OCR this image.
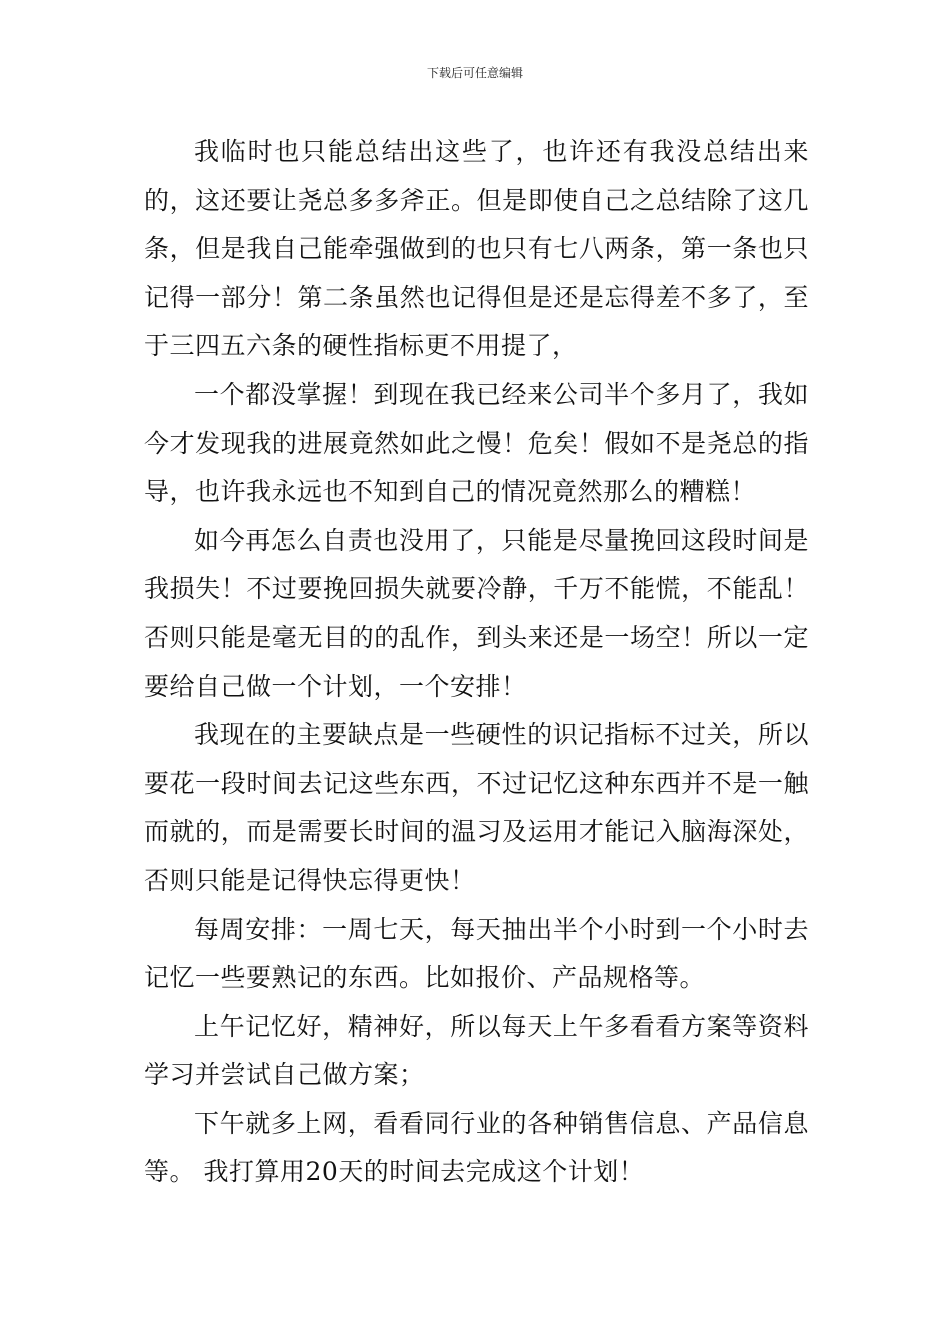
下载后可任意编辑

我临时也只能总结出这些了，也许还有我没总结出来的，这还要让尧总多多斧正。但是即使自己之总结除了这几条，但是我自己能牵强做到的也只有七八两条，第一条也只记得一部分！第二条虽然也记得但是还是忘得差不多了，至于三四五六条的硬性指标更不用提了，

一个都没掌握！到现在我已经来公司半个多月了，我如今才发现我的进展竟然如此之慢！危矣！假如不是尧总的指导，也许我永远也不知到自己的情况竟然那么的糟糕！

如今再怎么自责也没用了，只能是尽量挽回这段时间是我损失！不过要挽回损失就要冷静，千万不能慌，不能乱！否则只能是毫无目的的乱作，到头来还是一场空！所以一定要给自己做一个计划，一个安排！

我现在的主要缺点是一些硬性的识记指标不过关，所以要花一段时间去记这些东西，不过记忆这种东西并不是一触而就的，而是需要长时间的温习及运用才能记入脑海深处，否则只能是记得快忘得更快！

每周安排：一周七天，每天抽出半个小时到一个小时去记忆一些要熟记的东西。比如报价、产品规格等。

上午记忆好，精神好，所以每天上午多看看方案等资料学习并尝试自己做方案；

下午就多上网，看看同行业的各种销售信息、产品信息等。 我打算用20天的时间去完成这个计划！
